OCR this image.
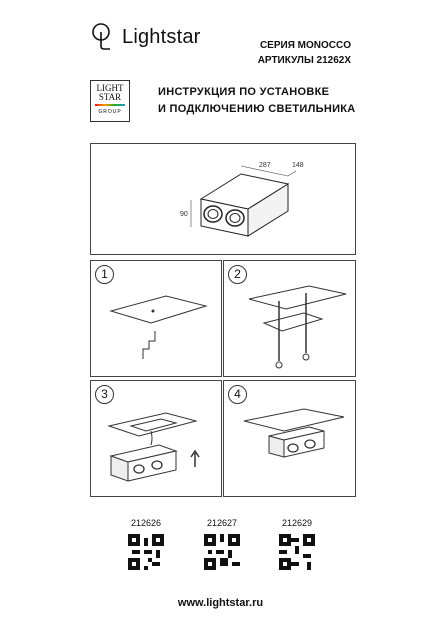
Lightstar	СЕРИЯ MONOCCO
АРТИКУЛЫ 21262X
LIGHT
STAR
GROUP
ИНСТРУКЦИЯ ПО УСТАНОВКЕ
И ПОДКЛЮЧЕНИЮ СВЕТИЛЬНИКА
287	148
90
1	2
3	4
212626	212627	212629
www.lightstar.ru
